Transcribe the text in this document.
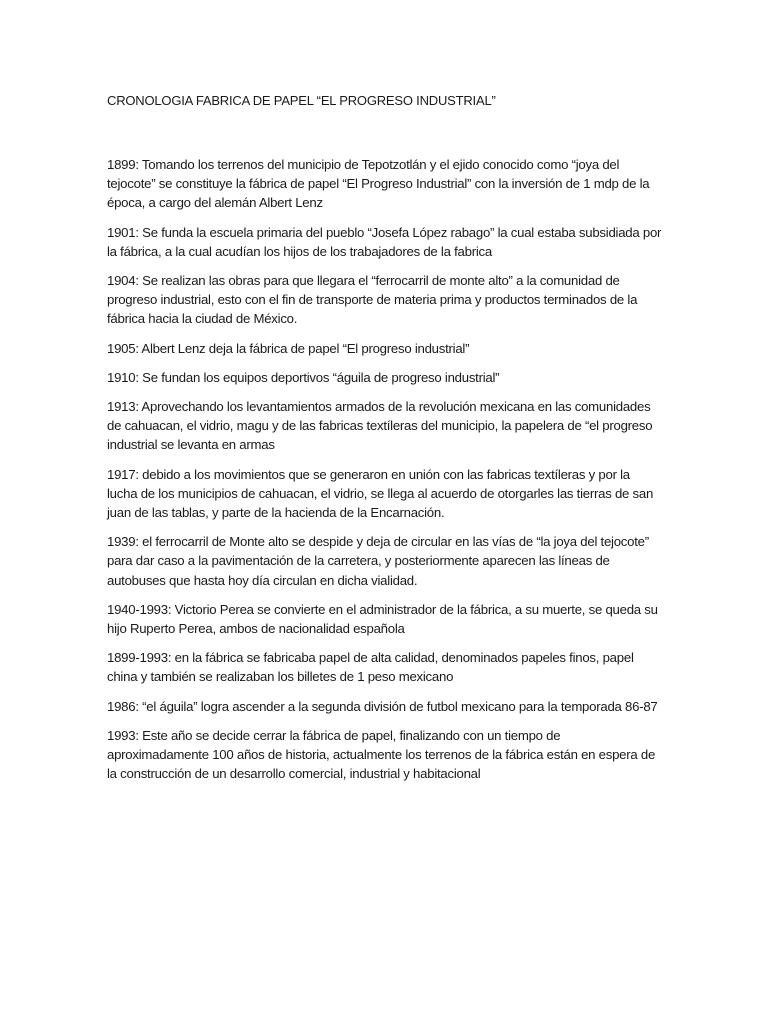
CRONOLOGIA FABRICA DE PAPEL “EL PROGRESO INDUSTRIAL”

1899: Tomando los terrenos del municipio de Tepotzotlán y el ejido conocido como “joya del tejocote” se constituye la fábrica de papel “El Progreso Industrial” con la inversión de 1 mdp de la época, a cargo del alemán Albert Lenz

1901: Se funda la escuela primaria del pueblo “Josefa López rabago” la cual estaba subsidiada por la fábrica, a la cual acudían los hijos de los trabajadores de la fabrica

1904: Se realizan las obras para que llegara el “ferrocarril de monte alto” a la comunidad de progreso industrial, esto con el fin de transporte de materia prima y productos terminados de la fábrica hacia la ciudad de México.

1905: Albert Lenz deja la fábrica de papel “El progreso industrial”

1910: Se fundan los equipos deportivos “águila de progreso industrial”

1913: Aprovechando los levantamientos armados de la revolución mexicana en las comunidades de cahuacan, el vidrio, magu y de las fabricas textíleras del municipio, la papelera de “el progreso industrial se levanta en armas

1917: debido a los movimientos que se generaron en unión con las fabricas textíleras y por la lucha de los municipios de cahuacan, el vidrio, se llega al acuerdo de otorgarles las tierras de san juan de las tablas, y parte de la hacienda de la Encarnación.

1939: el ferrocarril de Monte alto se despide y deja de circular en las vías de “la joya del tejocote” para dar caso a la pavimentación de la carretera, y posteriormente aparecen las líneas de autobuses que hasta hoy día circulan en dicha vialidad.

1940-1993: Victorio Perea se convierte en el administrador de la fábrica, a su muerte, se queda su hijo Ruperto Perea, ambos de nacionalidad española

1899-1993: en la fábrica se fabricaba papel de alta calidad, denominados papeles finos, papel china y también se realizaban los billetes de 1 peso mexicano

1986: “el águila” logra ascender a la segunda división de futbol mexicano para la temporada 86-87

1993: Este año se decide cerrar la fábrica de papel, finalizando con un tiempo de aproximadamente 100 años de historia, actualmente los terrenos de la fábrica están en espera de la construcción de un desarrollo comercial, industrial y habitacional
